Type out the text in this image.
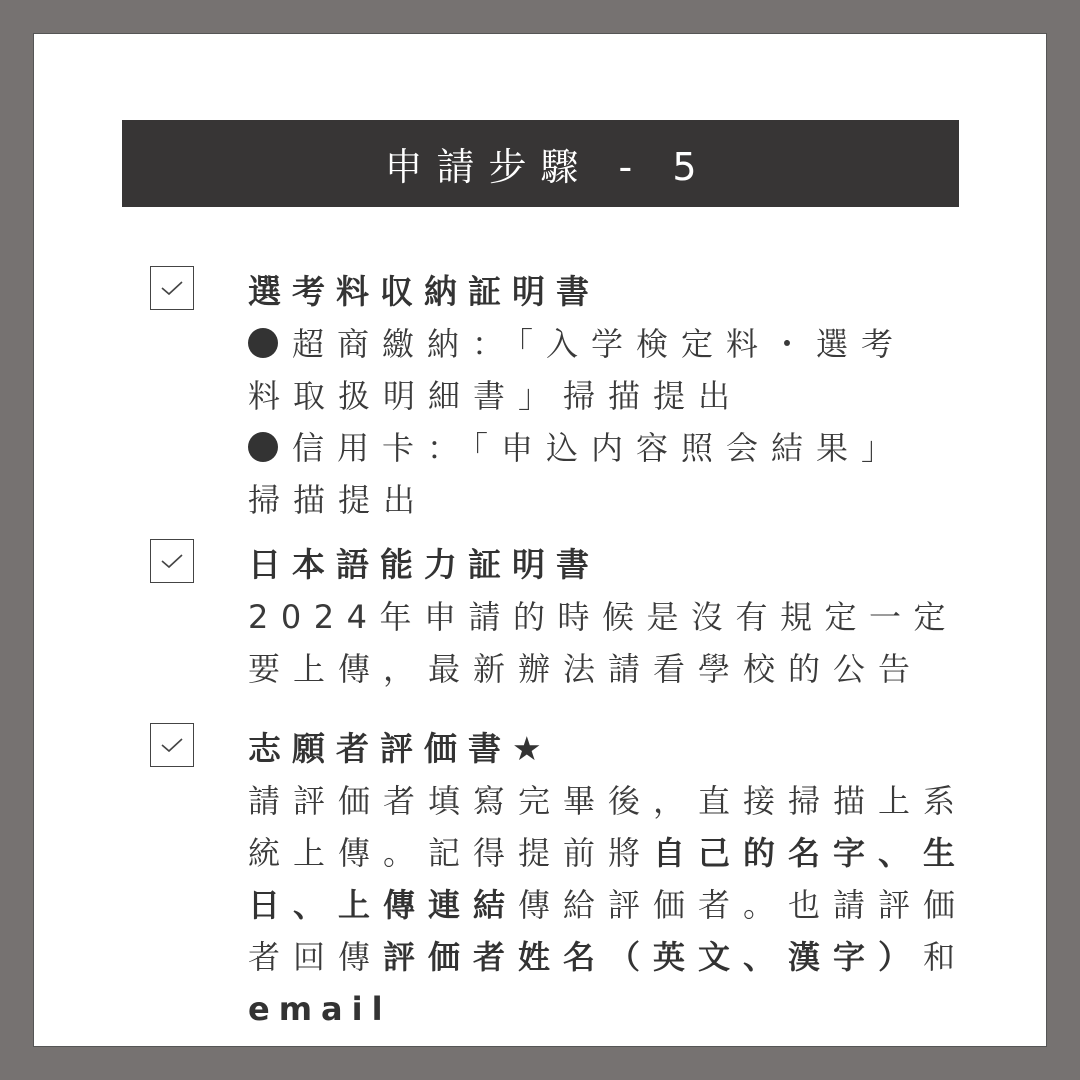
申請步驟 - 5
選考料収納証明書
超商繳納：「入学検定料・選考
料取扱明細書」掃描提出
信用卡：「申込内容照会結果」
掃描提出
日本語能力証明書
2024年申請的時候是沒有規定一定
要上傳，最新辦法請看學校的公告
志願者評価書★
請評価者填寫完畢後，直接掃描上系
統上傳。記得提前將自己的名字、生
日、上傳連結傳給評価者。也請評価
者回傳評価者姓名（英文、漢字）和
email
